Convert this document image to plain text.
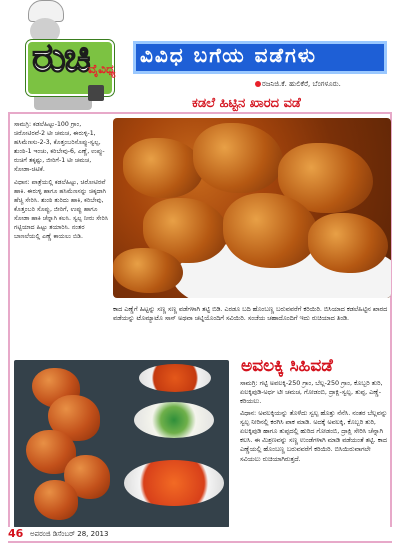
ರುಚಿ ವೈವಿಧ್ಯ
ವಿವಿಧ ಬಗೆಯ ವಡೆಗಳು
ರಜನಿಜಿ.ಕೆ. ಹುಲಿಕೆರೆ, ಬೆಂಗಳೂರು.
ಕಡಲೆ ಹಿಟ್ಟಿನ ಖಾರದ ವಡೆ

ಸಾಮಗ್ರಿ: ಕಡಲೆಹಿಟ್ಟು-100 ಗ್ರಾಂ, ಚಿರೋಟಿರವೆ-2 ಟೀ ಚಮಚ, ಈರುಳ್ಳಿ-1, ಹಸಿಮೆಣಸು-2-3, ಕೊತ್ತಂಬರಿಸೊಪ್ಪು-ಸ್ವಲ್ಪ, ಶುಂಠಿ-1 ಇಂಚು, ಕರಿಬೇವು-6, ಎಣ್ಣೆ, ಉಪ್ಪು-ರುಚಿಗೆ ತಕ್ಕಷ್ಟು, ಜೀರಿಗೆ-1 ಟೀ ಚಮಚ, ಸೋಡಾ-ಚಿಟಿಕೆ.

ವಿಧಾನ: ಪಾತ್ರೆಯಲ್ಲಿ ಕಡಲೆಹಿಟ್ಟು, ಚಿರೋಟಿರವೆ ಹಾಕಿ. ಈರುಳ್ಳಿ ಹಾಗೂ ಹಸಿಮೆಣಸನ್ನು ಚಿಕ್ಕದಾಗಿ ಹೆಚ್ಚಿ ಸೇರಿಸಿ. ಶುಂಠಿ ತುರಿದು ಹಾಕಿ, ಕರಿಬೇವು, ಕೊತ್ತಂಬರಿ ಸೊಪ್ಪು, ಜೀರಿಗೆ, ಉಪ್ಪು ಹಾಗೂ ಸೋಡಾ ಹಾಕಿ ಚೆನ್ನಾಗಿ ಕಲಸಿ. ಸ್ವಲ್ಪ ನೀರು ಸೇರಿಸಿ ಗಟ್ಟಿಯಾದ ಹಿಟ್ಟು ತಯಾರಿಸಿ. ನಂತರ ಬಾಣಲೆಯಲ್ಲಿ ಎಣ್ಣೆ ಕಾಯಲು ಬಿಡಿ.

ಕಾದ ಎಣ್ಣೆಗೆ ಹಿಟ್ಟನ್ನು ಸಣ್ಣ ಸಣ್ಣ ವಡೆಗಳಾಗಿ ತಟ್ಟಿ ಬಿಡಿ. ಎರಡೂ ಬದಿ ಹೊಂಬಣ್ಣ ಬರುವವರೆಗೆ ಕರಿಯಿರಿ. ಬಿಸಿಯಾದ ಕಡಲೆಹಿಟ್ಟಿನ ಖಾರದ ವಡೆಯನ್ನು ಟೊಮ್ಯಾಟೊ ಸಾಸ್ ಅಥವಾ ಚಟ್ನಿಯೊಂದಿಗೆ ಸವಿಯಿರಿ. ಸಂಜೆಯ ಚಹಾದೊಂದಿಗೆ ಇದು ರುಚಿಯಾದ ತಿಂಡಿ.
ಅವಲಕ್ಕಿ ಸಿಹಿವಡೆ

ಸಾಮಗ್ರಿ: ಗಟ್ಟಿ ಅವಲಕ್ಕಿ-250 ಗ್ರಾಂ, ಬೆಲ್ಲ-250 ಗ್ರಾಂ, ಕೊಬ್ಬರಿ ತುರಿ, ಏಲಕ್ಕಿಪುಡಿ-ಅರ್ಧ ಟೀ ಚಮಚ, ಗೋಡಂಬಿ, ದ್ರಾಕ್ಷಿ-ಸ್ವಲ್ಪ, ತುಪ್ಪ, ಎಣ್ಣೆ-ಕರಿಯಲು.

ವಿಧಾನ: ಅವಲಕ್ಕಿಯನ್ನು ತೊಳೆದು ಸ್ವಲ್ಪ ಹೊತ್ತು ನೆನೆಸಿ. ನಂತರ ಬೆಲ್ಲವನ್ನು ಸ್ವಲ್ಪ ನೀರಿನಲ್ಲಿ ಕರಗಿಸಿ ಪಾಕ ಮಾಡಿ. ಅದಕ್ಕೆ ಅವಲಕ್ಕಿ, ಕೊಬ್ಬರಿ ತುರಿ, ಏಲಕ್ಕಿಪುಡಿ ಹಾಗೂ ತುಪ್ಪದಲ್ಲಿ ಹುರಿದ ಗೋಡಂಬಿ, ದ್ರಾಕ್ಷಿ ಸೇರಿಸಿ ಚೆನ್ನಾಗಿ ಕಲಸಿ. ಈ ಮಿಶ್ರಣವನ್ನು ಸಣ್ಣ ಉಂಡೆಗಳಾಗಿ ಮಾಡಿ ವಡೆಯಂತೆ ತಟ್ಟಿ. ಕಾದ ಎಣ್ಣೆಯಲ್ಲಿ ಹೊಂಬಣ್ಣ ಬರುವವರೆಗೆ ಕರಿಯಿರಿ. ಬಿಸಿಯಿರುವಾಗಲೇ ಸವಿಯಲು ರುಚಿಯಾಗಿರುತ್ತದೆ.

46 ಅಪರಂಜಿ ಡಿಸೆಂಬರ್ 28, 2013
